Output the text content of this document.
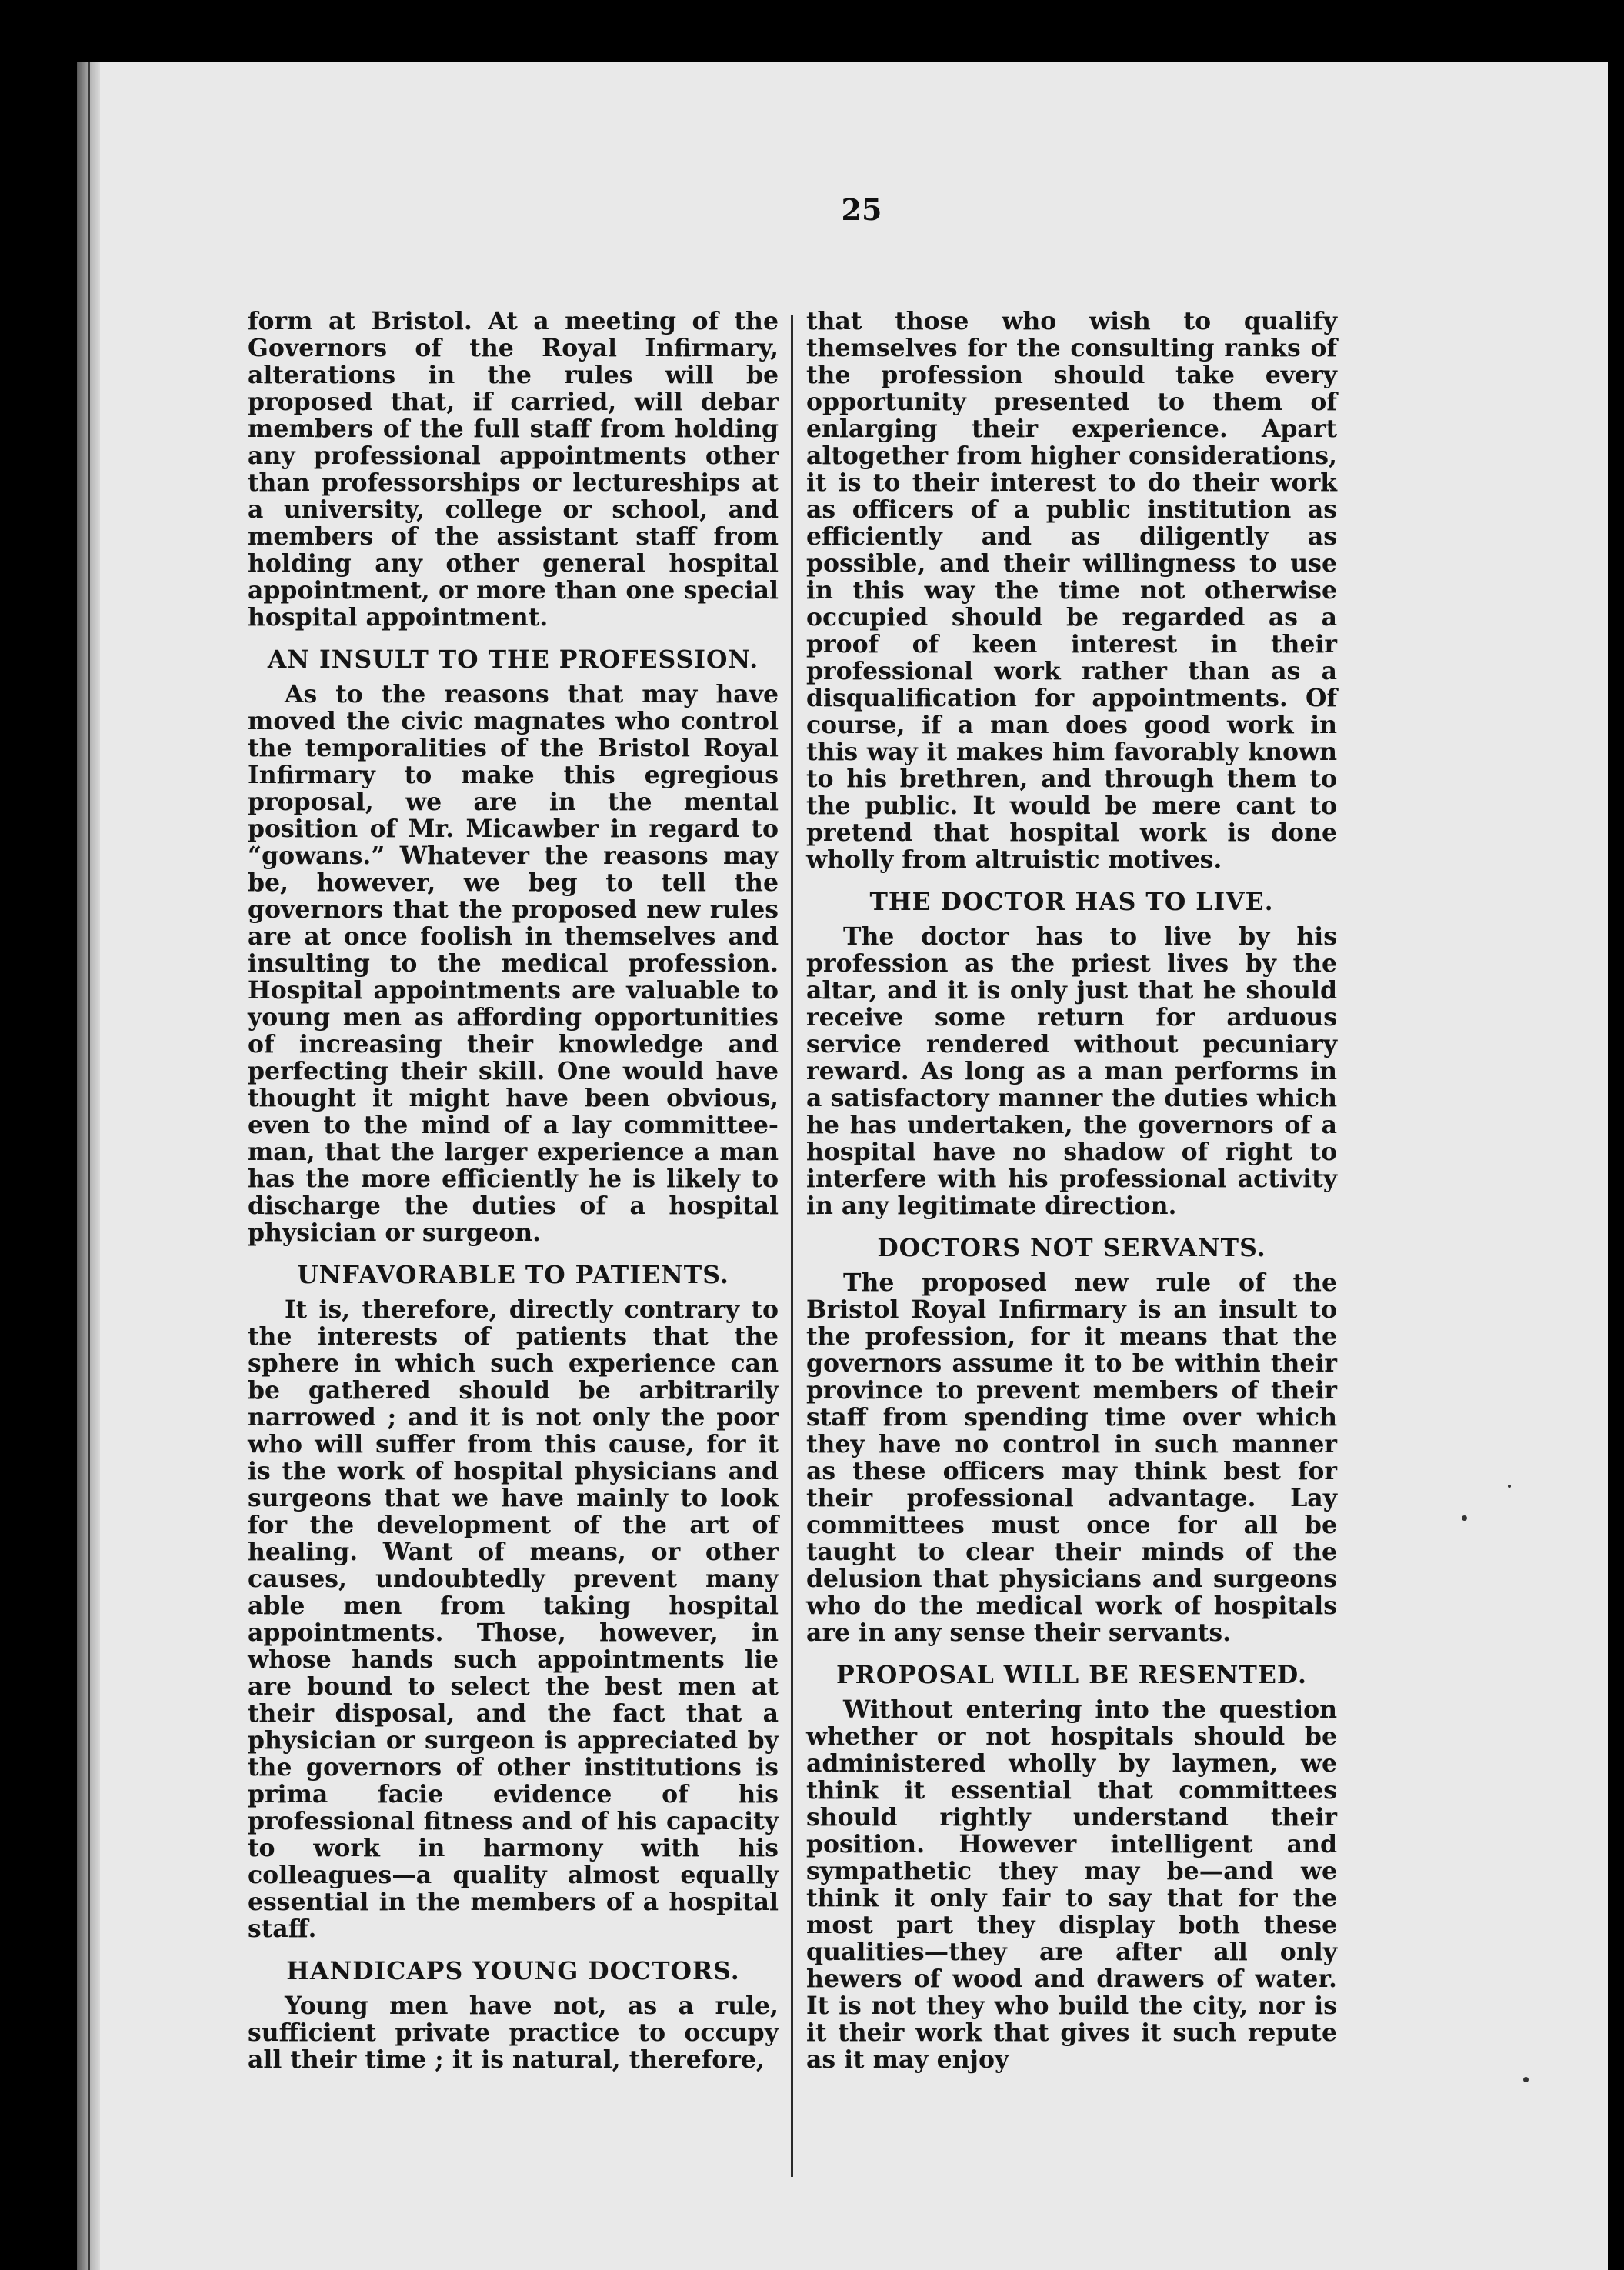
25

form at Bristol. At a meeting of the Governors of the Royal Infirmary, alterations in the rules will be proposed that, if carried, will debar members of the full staff from holding any professional appointments other than professorships or lectureships at a university, college or school, and members of the assistant staff from holding any other general hospital appointment, or more than one special hospital appointment.

AN INSULT TO THE PROFESSION.

As to the reasons that may have moved the civic magnates who control the temporalities of the Bristol Royal Infirmary to make this egregious proposal, we are in the mental position of Mr. Micawber in regard to “gowans.” Whatever the reasons may be, however, we beg to tell the governors that the proposed new rules are at once foolish in themselves and insulting to the medical profession. Hospital appointments are valuable to young men as affording opportunities of increasing their knowledge and perfecting their skill. One would have thought it might have been obvious, even to the mind of a lay committee-man, that the larger experience a man has the more efficiently he is likely to discharge the duties of a hospital physician or surgeon.

UNFAVORABLE TO PATIENTS.

It is, therefore, directly contrary to the interests of patients that the sphere in which such experience can be gathered should be arbitrarily narrowed ; and it is not only the poor who will suffer from this cause, for it is the work of hospital physicians and surgeons that we have mainly to look for the development of the art of healing. Want of means, or other causes, undoubtedly prevent many able men from taking hospital appointments. Those, however, in whose hands such appointments lie are bound to select the best men at their disposal, and the fact that a physician or surgeon is appreciated by the governors of other institutions is prima facie evidence of his professional fitness and of his capacity to work in harmony with his colleagues—a quality almost equally essential in the members of a hospital staff.

HANDICAPS YOUNG DOCTORS.

Young men have not, as a rule, sufficient private practice to occupy all their time ; it is natural, therefore,

that those who wish to qualify themselves for the consulting ranks of the profession should take every opportunity presented to them of enlarging their experience. Apart altogether from higher considerations, it is to their interest to do their work as officers of a public institution as efficiently and as diligently as possible, and their willingness to use in this way the time not otherwise occupied should be regarded as a proof of keen interest in their professional work rather than as a disqualification for appointments. Of course, if a man does good work in this way it makes him favorably known to his brethren, and through them to the public. It would be mere cant to pretend that hospital work is done wholly from altruistic motives.

THE DOCTOR HAS TO LIVE.

The doctor has to live by his profession as the priest lives by the altar, and it is only just that he should receive some return for arduous service rendered without pecuniary reward. As long as a man performs in a satisfactory manner the duties which he has undertaken, the governors of a hospital have no shadow of right to interfere with his professional activity in any legitimate direction.

DOCTORS NOT SERVANTS.

The proposed new rule of the Bristol Royal Infirmary is an insult to the profession, for it means that the governors assume it to be within their province to prevent members of their staff from spending time over which they have no control in such manner as these officers may think best for their professional advantage. Lay committees must once for all be taught to clear their minds of the delusion that physicians and surgeons who do the medical work of hospitals are in any sense their servants.

PROPOSAL WILL BE RESENTED.

Without entering into the question whether or not hospitals should be administered wholly by laymen, we think it essential that committees should rightly understand their position. However intelligent and sympathetic they may be—and we think it only fair to say that for the most part they display both these qualities—they are after all only hewers of wood and drawers of water. It is not they who build the city, nor is it their work that gives it such repute as it may enjoy
